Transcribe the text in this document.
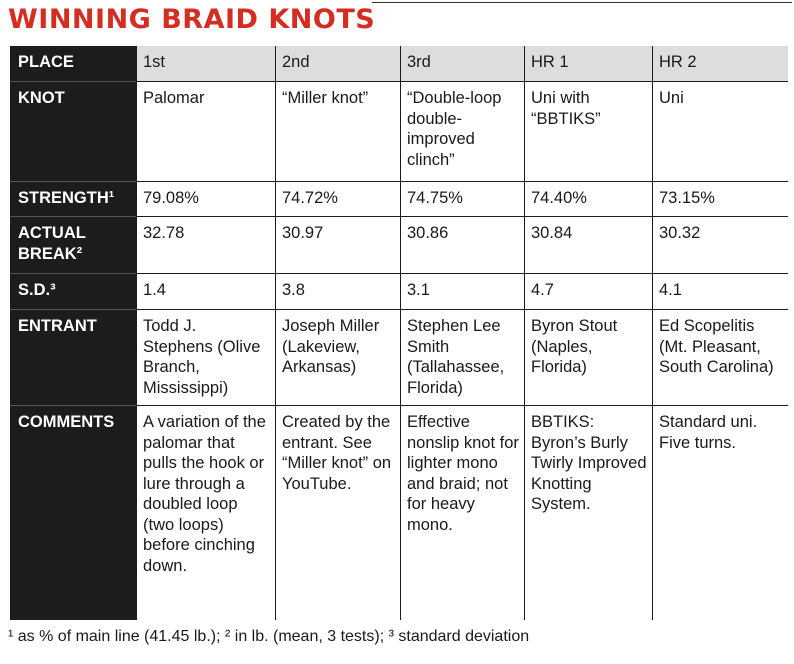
WINNING BRAID KNOTS
PLACE	1st	2nd	3rd	HR 1	HR 2
KNOT	Palomar	“Miller knot”	“Double-loop double-improved clinch”	Uni with “BBTIKS”	Uni
STRENGTH¹	79.08%	74.72%	74.75%	74.40%	73.15%
ACTUAL BREAK²	32.78	30.97	30.86	30.84	30.32
S.D.³	1.4	3.8	3.1	4.7	4.1
ENTRANT	Todd J. Stephens (Olive Branch, Mississippi)	Joseph Miller (Lakeview, Arkansas)	Stephen Lee Smith (Tallahassee, Florida)	Byron Stout (Naples, Florida)	Ed Scopelitis (Mt. Pleasant, South Carolina)
COMMENTS	A variation of the palomar that pulls the hook or lure through a doubled loop (two loops) before cinching down.	Created by the entrant. See “Miller knot” on YouTube.	Effective nonslip knot for lighter mono and braid; not for heavy mono.	BBTIKS: Byron’s Burly Twirly Improved Knotting System.	Standard uni. Five turns.
¹ as % of main line (41.45 lb.); ² in lb. (mean, 3 tests); ³ standard deviation
